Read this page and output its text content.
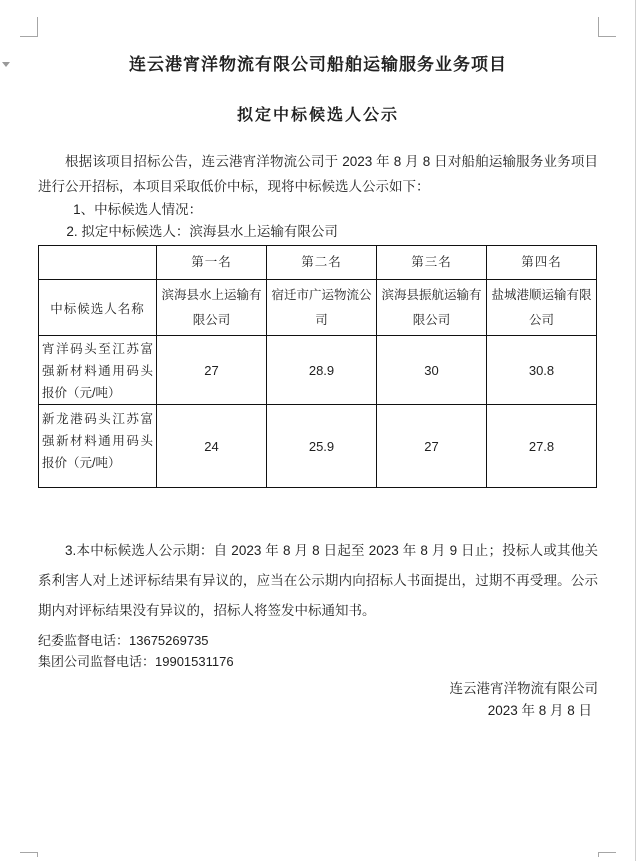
连云港宵洋物流有限公司船舶运输服务业务项目
拟定中标候选人公示

根据该项目招标公告，连云港宵洋物流公司于 2023 年 8 月 8 日对船舶运输服务业务项目进行公开招标，本项目采取低价中标，现将中标候选人公示如下：

1、中标候选人情况：

2. 拟定中标候选人：滨海县水上运输有限公司

	第一名	第二名	第三名	第四名
中标候选人名称	滨海县水上运输有限公司	宿迁市广运物流公司	滨海县振航运输有限公司	盐城港顺运输有限公司
宵洋码头至江苏富强新材料通用码头报价（元/吨）	27	28.9	30	30.8
新龙港码头江苏富强新材料通用码头报价（元/吨）	24	25.9	27	27.8

3.本中标候选人公示期：自 2023 年 8 月 8 日起至 2023 年 8 月 9 日止；投标人或其他关系利害人对上述评标结果有异议的，应当在公示期内向招标人书面提出，过期不再受理。公示期内对评标结果没有异议的，招标人将签发中标通知书。

纪委监督电话：13675269735

集团公司监督电话：19901531176

连云港宵洋物流有限公司
2023 年 8 月 8 日
